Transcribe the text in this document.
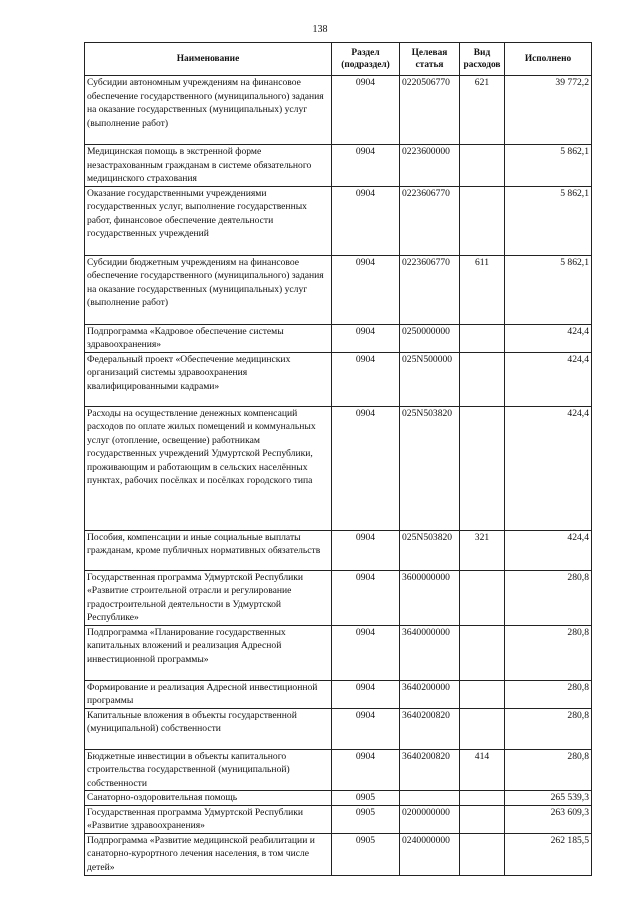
138
Наименование	Раздел (подраздел)	Целевая статья	Вид расходов	Исполнено
Субсидии автономным учреждениям на финансовое обеспечение государственного (муниципального) задания на оказание государственных (муниципальных) услуг (выполнение работ)	0904	0220506770	621	39 772,2
Медицинская помощь в экстренной форме незастрахованным гражданам в системе обязательного медицинского страхования	0904	0223600000		5 862,1
Оказание государственными учреждениями государственных услуг, выполнение государственных работ, финансовое обеспечение деятельности государственных учреждений	0904	0223606770		5 862,1
Субсидии бюджетным учреждениям на финансовое обеспечение государственного (муниципального) задания на оказание государственных (муниципальных) услуг (выполнение работ)	0904	0223606770	611	5 862,1
Подпрограмма «Кадровое обеспечение системы здравоохранения»	0904	0250000000		424,4
Федеральный проект «Обеспечение медицинских организаций системы здравоохранения квалифицированными кадрами»	0904	025N500000		424,4
Расходы на осуществление денежных компенсаций расходов по оплате жилых помещений и коммунальных услуг (отопление, освещение) работникам государственных учреждений Удмуртской Республики, проживающим и работающим в сельских населённых пунктах, рабочих посёлках и посёлках городского типа	0904	025N503820		424,4
Пособия, компенсации и иные социальные выплаты гражданам, кроме публичных нормативных обязательств	0904	025N503820	321	424,4
Государственная программа Удмуртской Республики «Развитие строительной отрасли и регулирование градостроительной деятельности в Удмуртской Республике»	0904	3600000000		280,8
Подпрограмма «Планирование государственных капитальных вложений и реализация Адресной инвестиционной программы»	0904	3640000000		280,8
Формирование и реализация Адресной инвестиционной программы	0904	3640200000		280,8
Капитальные вложения в объекты государственной (муниципальной) собственности	0904	3640200820		280,8
Бюджетные инвестиции в объекты капитального строительства государственной (муниципальной) собственности	0904	3640200820	414	280,8
Санаторно-оздоровительная помощь	0905			265 539,3
Государственная программа Удмуртской Республики «Развитие здравоохранения»	0905	0200000000		263 609,3
Подпрограмма «Развитие медицинской реабилитации и санаторно-курортного лечения населения, в том числе детей»	0905	0240000000		262 185,5
